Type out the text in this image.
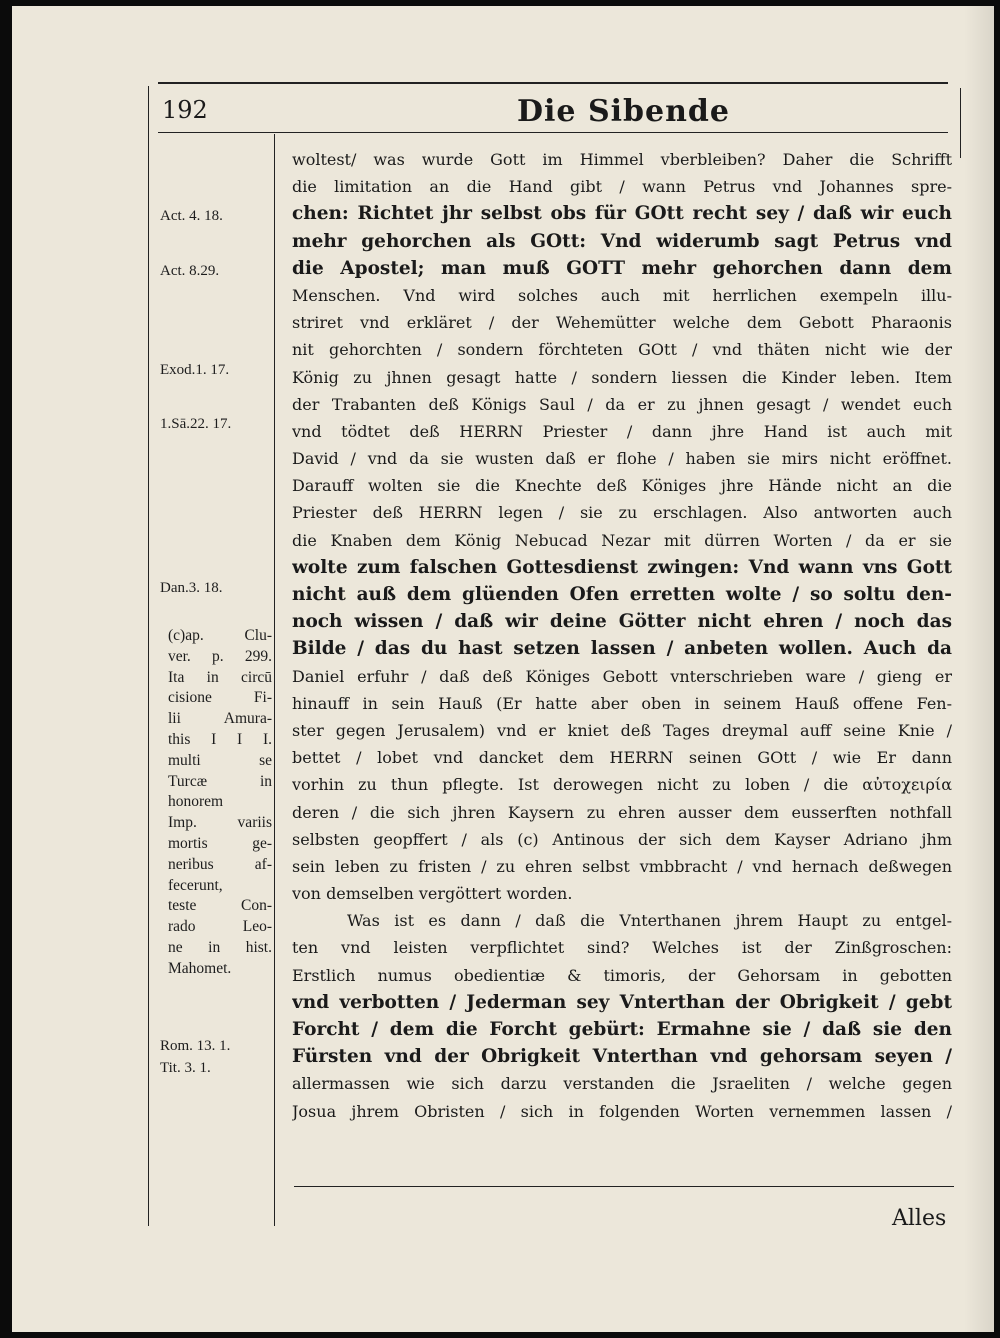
192	Die Sibende
Act. 4. 18.
Act. 8.29.
Exod.1. 17.
1.Sā.22. 17.
Dan.3. 18.
Rom. 13. 1.
Tit. 3. 1.
(c)ap. Clu-
ver. p. 299.
Ita in circū
cisione Fi-
lii Amura-
this I I I.
multi se
Turcæ in
honorem
Imp. variis
mortis ge-
neribus af-
fecerunt,
teste Con-
rado Leo-
ne in hist.
Mahomet.
woltest/ was wurde Gott im Himmel vberbleiben? Daher die Schrifft
die limitation an die Hand gibt / wann Petrus vnd Johannes spre-
chen: Richtet jhr selbst obs für GOtt recht sey / daß wir euch
mehr gehorchen als GOtt: Vnd widerumb sagt Petrus vnd
die Apostel; man muß GOTT mehr gehorchen dann dem
Menschen. Vnd wird solches auch mit herrlichen exempeln illu-
striret vnd erkläret / der Wehemütter welche dem Gebott Pharaonis
nit gehorchten / sondern förchteten GOtt / vnd thäten nicht wie der
König zu jhnen gesagt hatte / sondern liessen die Kinder leben. Item
der Trabanten deß Königs Saul / da er zu jhnen gesagt / wendet euch
vnd tödtet deß HERRN Priester / dann jhre Hand ist auch mit
David / vnd da sie wusten daß er flohe / haben sie mirs nicht eröffnet.
Darauff wolten sie die Knechte deß Königes jhre Hände nicht an die
Priester deß HERRN legen / sie zu erschlagen. Also antworten auch
die Knaben dem König Nebucad Nezar mit dürren Worten / da er sie
wolte zum falschen Gottesdienst zwingen: Vnd wann vns Gott
nicht auß dem glüenden Ofen erretten wolte / so soltu den-
noch wissen / daß wir deine Götter nicht ehren / noch das
Bilde / das du hast setzen lassen / anbeten wollen. Auch da
Daniel erfuhr / daß deß Königes Gebott vnterschrieben ware / gieng er
hinauff in sein Hauß (Er hatte aber oben in seinem Hauß offene Fen-
ster gegen Jerusalem) vnd er kniet deß Tages dreymal auff seine Knie /
bettet / lobet vnd dancket dem HERRN seinen GOtt / wie Er dann
vorhin zu thun pflegte. Ist derowegen nicht zu loben / die αὐτοχειρία
deren / die sich jhren Kaysern zu ehren ausser dem eusserften nothfall
selbsten geopffert / als (c) Antinous der sich dem Kayser Adriano jhm
sein leben zu fristen / zu ehren selbst vmbbracht / vnd hernach deßwegen
von demselben vergöttert worden.
Was ist es dann / daß die Vnterthanen jhrem Haupt zu entgel-
ten vnd leisten verpflichtet sind? Welches ist der Zinßgroschen:
Erstlich numus obedientiæ & timoris, der Gehorsam in gebotten
vnd verbotten / Jederman sey Vnterthan der Obrigkeit / gebt
Forcht / dem die Forcht gebürt: Ermahne sie / daß sie den
Fürsten vnd der Obrigkeit Vnterthan vnd gehorsam seyen /
allermassen wie sich darzu verstanden die Jsraeliten / welche gegen
Josua jhrem Obristen / sich in folgenden Worten vernemmen lassen /
Alles
